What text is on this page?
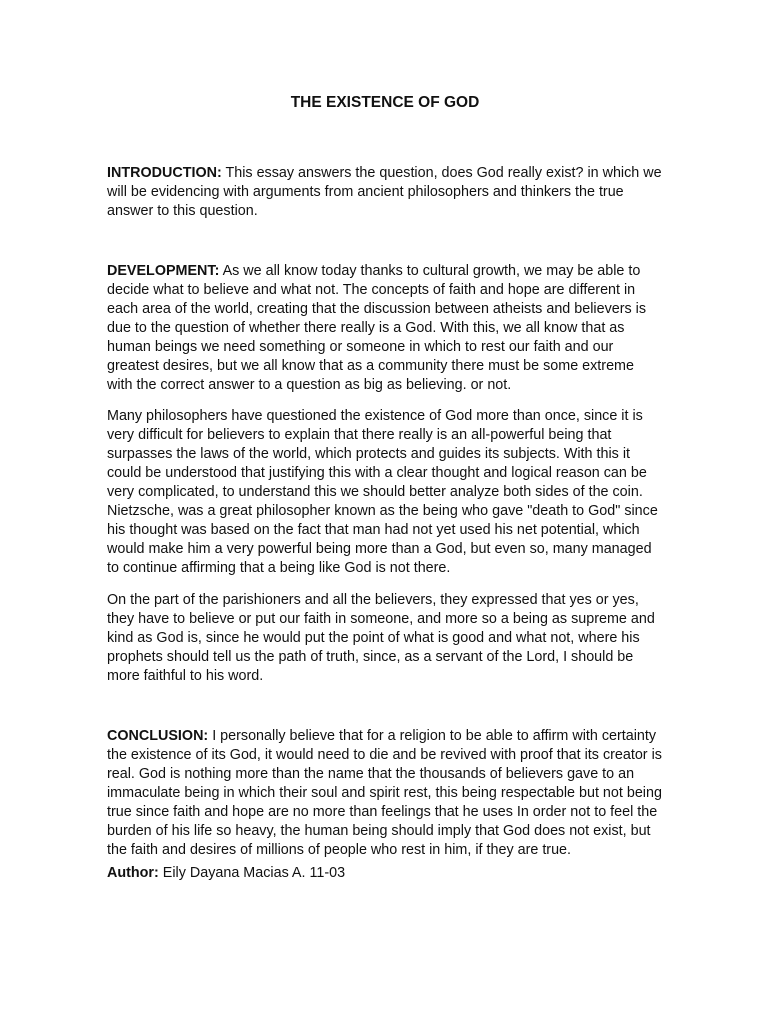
THE EXISTENCE OF GOD

INTRODUCTION: This essay answers the question, does God really exist? in which we will be evidencing with arguments from ancient philosophers and thinkers the true answer to this question.

DEVELOPMENT: As we all know today thanks to cultural growth, we may be able to decide what to believe and what not. The concepts of faith and hope are different in each area of the world, creating that the discussion between atheists and believers is due to the question of whether there really is a God. With this, we all know that as human beings we need something or someone in which to rest our faith and our greatest desires, but we all know that as a community there must be some extreme with the correct answer to a question as big as believing. or not.

Many philosophers have questioned the existence of God more than once, since it is very difficult for believers to explain that there really is an all-powerful being that surpasses the laws of the world, which protects and guides its subjects. With this it could be understood that justifying this with a clear thought and logical reason can be very complicated, to understand this we should better analyze both sides of the coin. Nietzsche, was a great philosopher known as the being who gave "death to God" since his thought was based on the fact that man had not yet used his net potential, which would make him a very powerful being more than a God, but even so, many managed to continue affirming that a being like God is not there.

On the part of the parishioners and all the believers, they expressed that yes or yes, they have to believe or put our faith in someone, and more so a being as supreme and kind as God is, since he would put the point of what is good and what not, where his prophets should tell us the path of truth, since, as a servant of the Lord, I should be more faithful to his word.

CONCLUSION: I personally believe that for a religion to be able to affirm with certainty the existence of its God, it would need to die and be revived with proof that its creator is real. God is nothing more than the name that the thousands of believers gave to an immaculate being in which their soul and spirit rest, this being respectable but not being true since faith and hope are no more than feelings that he uses In order not to feel the burden of his life so heavy, the human being should imply that God does not exist, but the faith and desires of millions of people who rest in him, if they are true.

Author: Eily Dayana Macias A. 11-03
